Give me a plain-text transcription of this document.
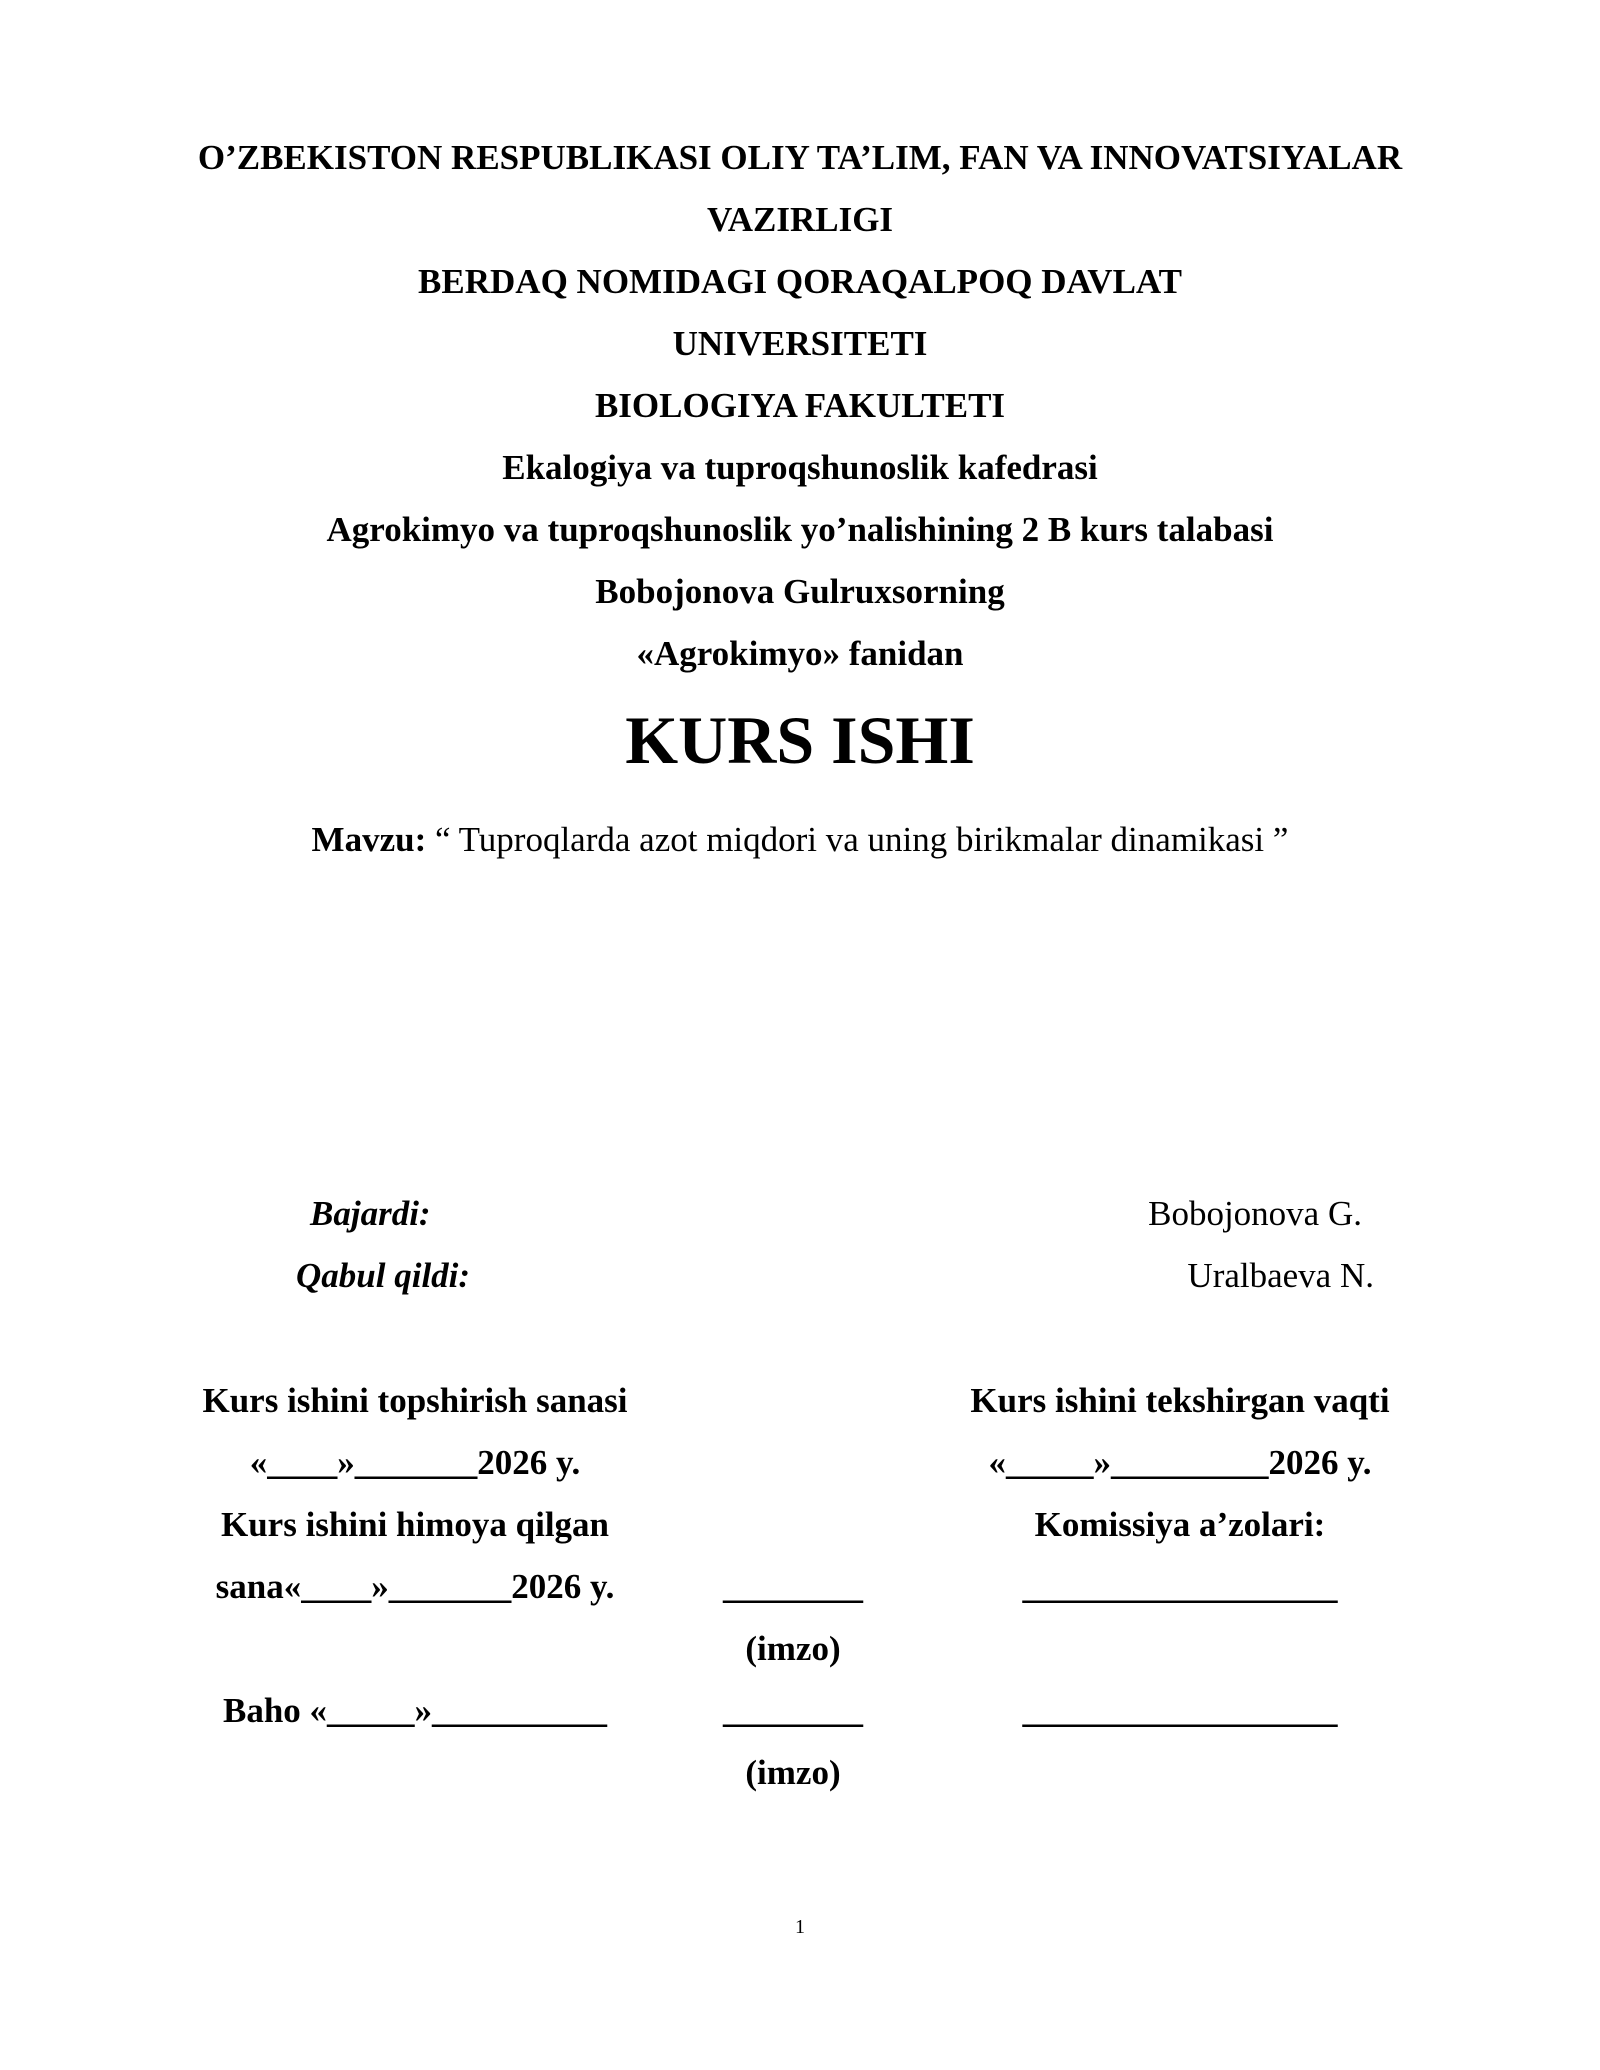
O’ZBEKISTON RESPUBLIKASI OLIY TA’LIM, FAN VA INNOVATSIYALAR
VAZIRLIGI
BERDAQ NOMIDAGI QORAQALPOQ DAVLAT
UNIVERSITETI
BIOLOGIYA FAKULTETI
Ekalogiya va tuproqshunoslik kafedrasi
Agrokimyo va tuproqshunoslik yo’nalishining 2 B kurs talabasi
Bobojonova Gulruxsorning
«Agrokimyo» fanidan
KURS ISHI
Mavzu: “ Tuproqlarda azot miqdori va uning birikmalar dinamikasi ”
Bajardi:	Bobojonova G.
Qabul qildi:	Uralbaeva N.
Kurs ishini topshirish sanasi	Kurs ishini tekshirgan vaqti
«____»_______2026 y.	«_____»_________2026 y.
Kurs ishini himoya qilgan	Komissiya a’zolari:
sana«____»_______2026 y.	________	__________________
(imzo)
Baho «_____»__________	________	__________________
(imzo)
1
